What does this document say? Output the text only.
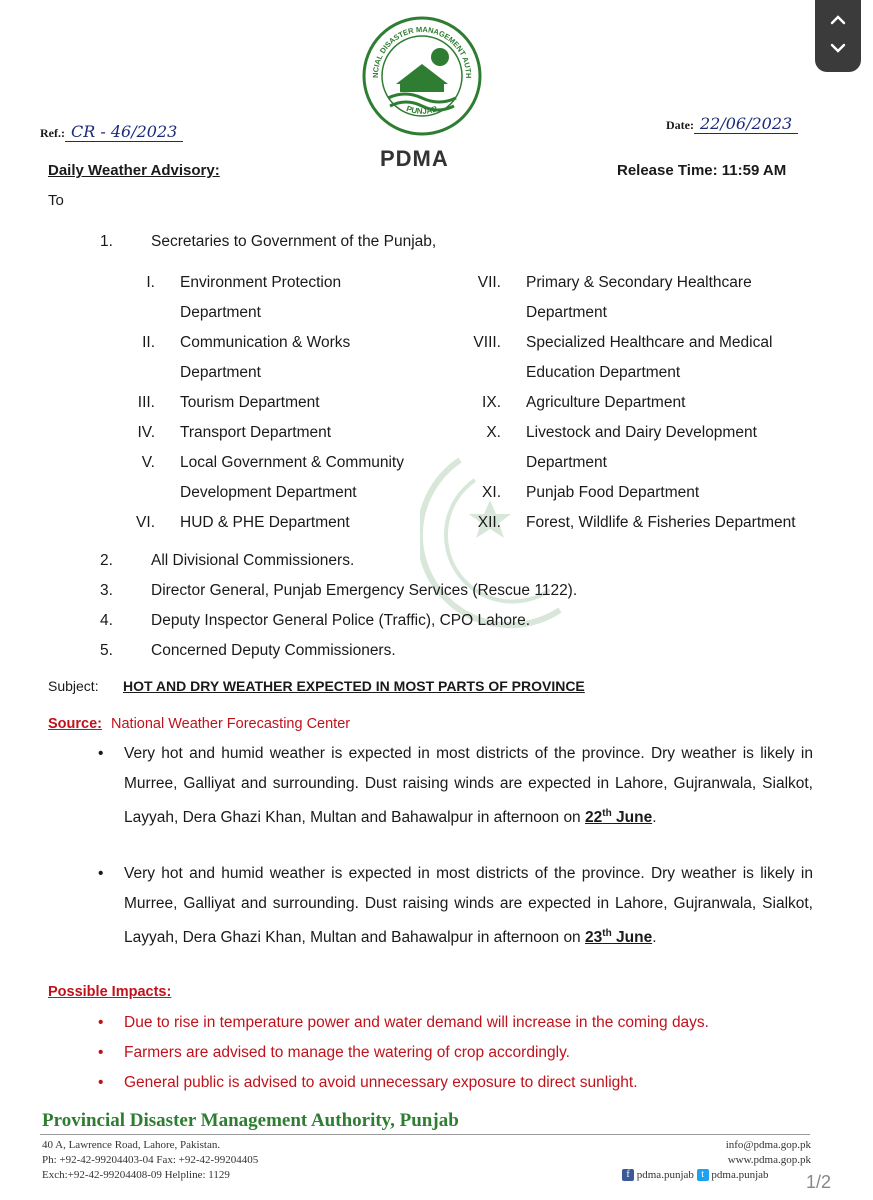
NCIAL DISASTER MANAGEMENT AUTH
PUNJAB
PDMA
Ref.: CR - 46/2023	Date: 22/06/2023
Daily Weather Advisory:	Release Time: 11:59 AM
To
1. Secretaries to Government of the Punjab,
I. Environment Protection
Department
II. Communication & Works
Department
III. Tourism Department
IV. Transport Department
V. Local Government & Community
Development Department
VI. HUD & PHE Department
VII. Primary & Secondary Healthcare
Department
VIII. Specialized Healthcare and Medical
Education Department
IX. Agriculture Department
X. Livestock and Dairy Development
Department
XI. Punjab Food Department
XII. Forest, Wildlife & Fisheries Department
2. All Divisional Commissioners.
3. Director General, Punjab Emergency Services (Rescue 1122).
4. Deputy Inspector General Police (Traffic), CPO Lahore.
5. Concerned Deputy Commissioners.
Subject: HOT AND DRY WEATHER EXPECTED IN MOST PARTS OF PROVINCE
Source: National Weather Forecasting Center
•	Very hot and humid weather is expected in most districts of the province. Dry weather is likely in Murree, Galliyat and surrounding. Dust raising winds are expected in Lahore, Gujranwala, Sialkot, Layyah, Dera Ghazi Khan, Multan and Bahawalpur in afternoon on 22th June.
•	Very hot and humid weather is expected in most districts of the province. Dry weather is likely in Murree, Galliyat and surrounding. Dust raising winds are expected in Lahore, Gujranwala, Sialkot, Layyah, Dera Ghazi Khan, Multan and Bahawalpur in afternoon on 23th June.
Possible Impacts:
• Due to rise in temperature power and water demand will increase in the coming days.
• Farmers are advised to manage the watering of crop accordingly.
• General public is advised to avoid unnecessary exposure to direct sunlight.
Provincial Disaster Management Authority, Punjab
40 A, Lawrence Road, Lahore, Pakistan.
Ph: +92-42-99204403-04 Fax: +92-42-99204405
Exch:+92-42-99204408-09 Helpline: 1129
info@pdma.gop.pk
www.pdma.gop.pk
f pdma.punjab t pdma.punjab 1/2
